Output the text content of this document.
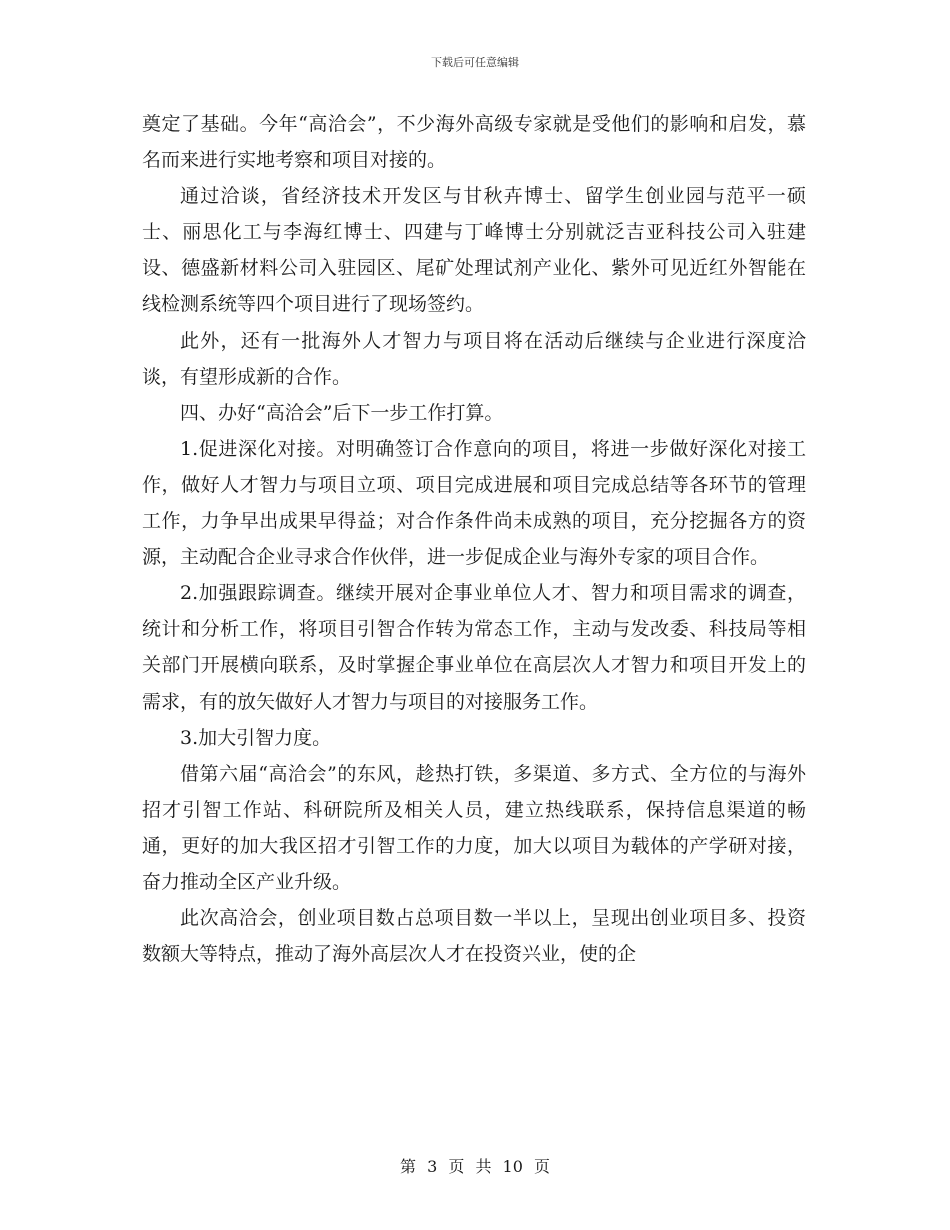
下载后可任意编辑

奠定了基础。今年“高洽会”，不少海外高级专家就是受他们的影响和启发，慕名而来进行实地考察和项目对接的。

通过洽谈，省经济技术开发区与甘秋卉博士、留学生创业园与范平一硕士、丽思化工与李海红博士、四建与丁峰博士分别就泛吉亚科技公司入驻建设、德盛新材料公司入驻园区、尾矿处理试剂产业化、紫外可见近红外智能在线检测系统等四个项目进行了现场签约。

此外，还有一批海外人才智力与项目将在活动后继续与企业进行深度洽谈，有望形成新的合作。

四、办好“高洽会”后下一步工作打算。

1.促进深化对接。对明确签订合作意向的项目，将进一步做好深化对接工作，做好人才智力与项目立项、项目完成进展和项目完成总结等各环节的管理工作，力争早出成果早得益；对合作条件尚未成熟的项目，充分挖掘各方的资源，主动配合企业寻求合作伙伴，进一步促成企业与海外专家的项目合作。

2.加强跟踪调查。继续开展对企事业单位人才、智力和项目需求的调查，统计和分析工作，将项目引智合作转为常态工作，主动与发改委、科技局等相关部门开展横向联系，及时掌握企事业单位在高层次人才智力和项目开发上的需求，有的放矢做好人才智力与项目的对接服务工作。

3.加大引智力度。

借第六届“高洽会”的东风，趁热打铁，多渠道、多方式、全方位的与海外招才引智工作站、科研院所及相关人员，建立热线联系，保持信息渠道的畅通，更好的加大我区招才引智工作的力度，加大以项目为载体的产学研对接，奋力推动全区产业升级。

此次高洽会，创业项目数占总项目数一半以上，呈现出创业项目多、投资数额大等特点，推动了海外高层次人才在投资兴业，使的企

第 3 页 共 10 页
